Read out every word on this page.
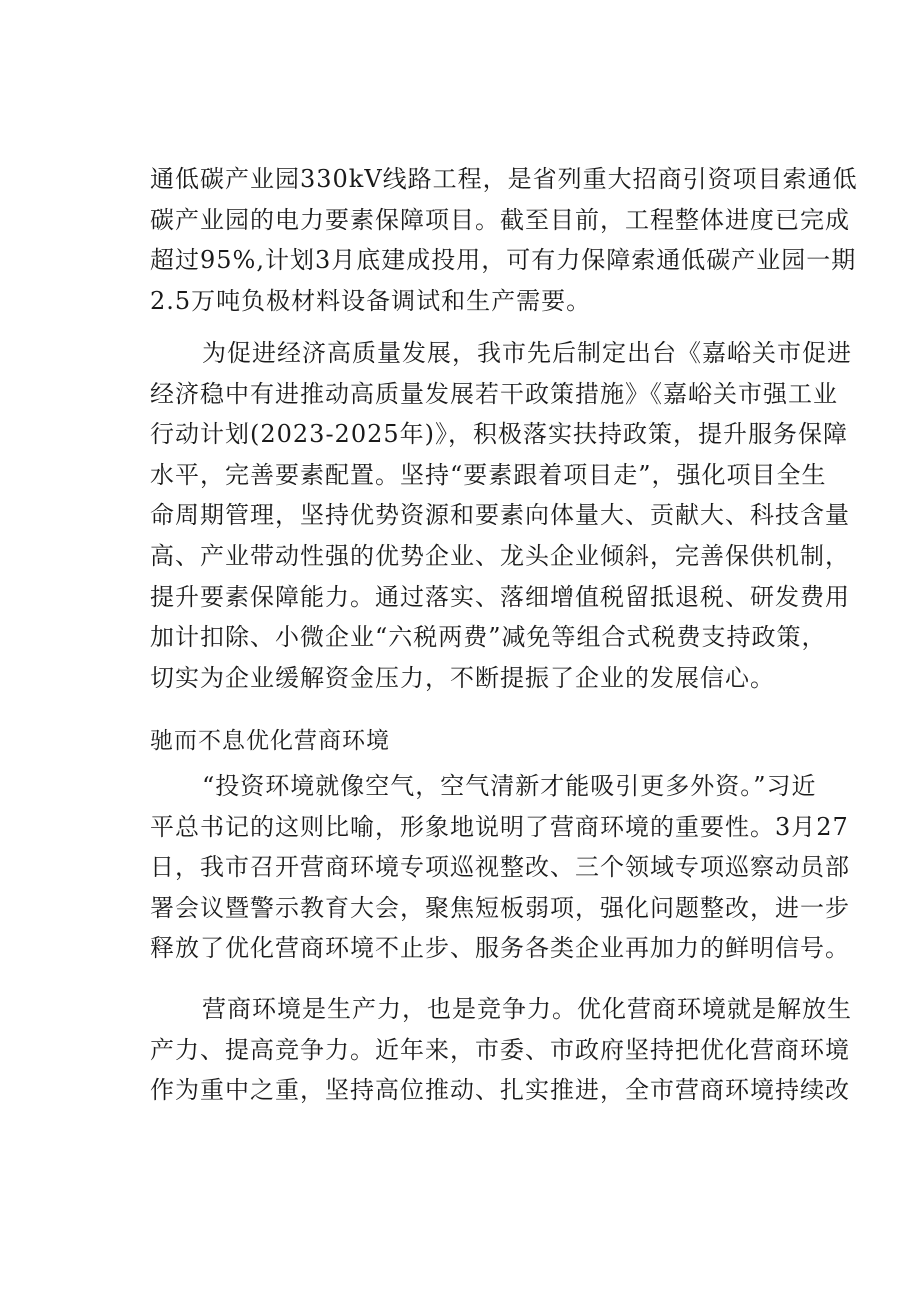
通低碳产业园330kV线路工程，是省列重大招商引资项目索通低
碳产业园的电力要素保障项目。截至目前，工程整体进度已完成
超过95%,计划3月底建成投用，可有力保障索通低碳产业园一期
2.5万吨负极材料设备调试和生产需要。
为促进经济高质量发展，我市先后制定出台《嘉峪关市促进
经济稳中有进推动高质量发展若干政策措施》《嘉峪关市强工业
行动计划(2023-2025年)》，积极落实扶持政策，提升服务保障
水平，完善要素配置。坚持“要素跟着项目走”，强化项目全生
命周期管理，坚持优势资源和要素向体量大、贡献大、科技含量
高、产业带动性强的优势企业、龙头企业倾斜，完善保供机制，
提升要素保障能力。通过落实、落细增值税留抵退税、研发费用
加计扣除、小微企业“六税两费”减免等组合式税费支持政策，
切实为企业缓解资金压力，不断提振了企业的发展信心。
驰而不息优化营商环境
“投资环境就像空气，空气清新才能吸引更多外资。”习近
平总书记的这则比喻，形象地说明了营商环境的重要性。3月27
日，我市召开营商环境专项巡视整改、三个领域专项巡察动员部
署会议暨警示教育大会，聚焦短板弱项，强化问题整改，进一步
释放了优化营商环境不止步、服务各类企业再加力的鲜明信号。
营商环境是生产力，也是竞争力。优化营商环境就是解放生
产力、提高竞争力。近年来，市委、市政府坚持把优化营商环境
作为重中之重，坚持高位推动、扎实推进，全市营商环境持续改
